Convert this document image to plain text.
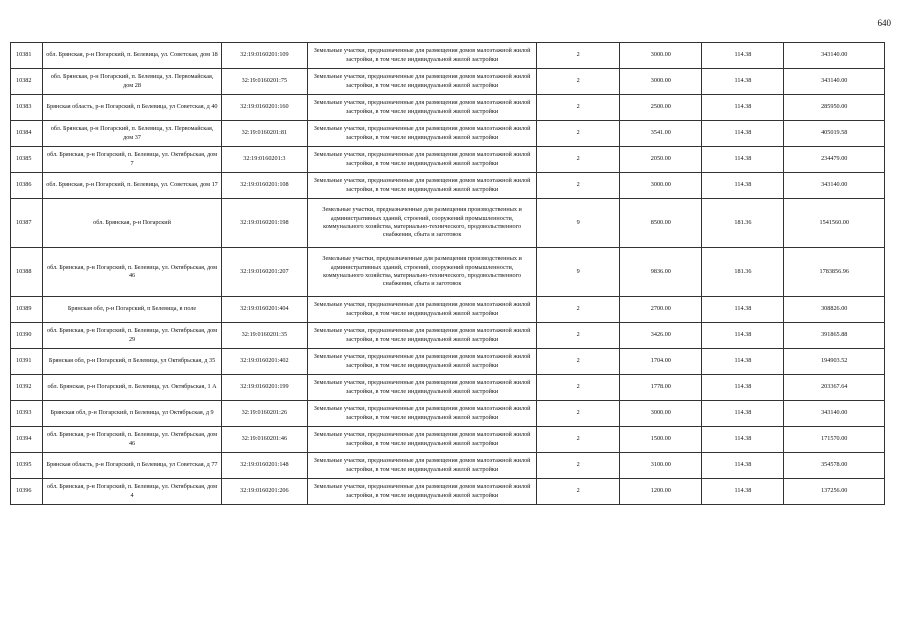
640
10381	обл. Брянская, р-н Погарский, п. Белевица, ул. Советская, дом 18	32:19:0160201:109	Земельные участки, предназначенные для размещения домов малоэтажной жилой застройки, в том числе индивидуальной жилой застройки	2	3000.00	114.38	343140.00
10382	обл. Брянская, р-н Погарский, п. Белевица, ул. Первомайская, дом 28	32:19:0160201:75	Земельные участки, предназначенные для размещения домов малоэтажной жилой застройки, в том числе индивидуальной жилой застройки	2	3000.00	114.38	343140.00
10383	Брянская область, р-н Погарский, п Белевица, ул Советская, д 40	32:19:0160201:160	Земельные участки, предназначенные для размещения домов малоэтажной жилой застройки, в том числе индивидуальной жилой застройки	2	2500.00	114.38	285950.00
10384	обл. Брянская, р-н Погарский, п. Белевица, ул. Первомайская, дом 37	32:19:0160201:81	Земельные участки, предназначенные для размещения домов малоэтажной жилой застройки, в том числе индивидуальной жилой застройки	2	3541.00	114.38	405019.58
10385	обл. Брянская, р-н Погарский, п. Белевица, ул. Октябрьская, дом 7	32:19:0160201:3	Земельные участки, предназначенные для размещения домов малоэтажной жилой застройки, в том числе индивидуальной жилой застройки	2	2050.00	114.38	234479.00
10386	обл. Брянская, р-н Погарский, п. Белевица, ул. Советская, дом 17	32:19:0160201:108	Земельные участки, предназначенные для размещения домов малоэтажной жилой застройки, в том числе индивидуальной жилой застройки	2	3000.00	114.38	343140.00
10387	обл. Брянская, р-н Погарский	32:19:0160201:198	Земельные участки, предназначенные для размещения производственных и административных зданий, строений, сооружений промышленности, коммунального хозяйства, материально-технического, продовольственного снабжения, сбыта и заготовок	9	8500.00	181.36	1541560.00
10388	обл. Брянская, р-н Погарский, п. Белевица, ул. Октябрьская, дом 46	32:19:0160201:207	Земельные участки, предназначенные для размещения производственных и административных зданий, строений, сооружений промышленности, коммунального хозяйства, материально-технического, продовольственного снабжения, сбыта и заготовок	9	9836.00	181.36	1783856.96
10389	Брянская обл, р-н Погарский, п Белевица, в поле	32:19:0160201:404	Земельные участки, предназначенные для размещения домов малоэтажной жилой застройки, в том числе индивидуальной жилой застройки	2	2700.00	114.38	308826.00
10390	обл. Брянская, р-н Погарский, п. Белевица, ул. Октябрьская, дом 29	32:19:0160201:35	Земельные участки, предназначенные для размещения домов малоэтажной жилой застройки, в том числе индивидуальной жилой застройки	2	3426.00	114.38	391865.88
10391	Брянская обл, р-н Погарский, п Белевица, ул Октябрьская, д 35	32:19:0160201:402	Земельные участки, предназначенные для размещения домов малоэтажной жилой застройки, в том числе индивидуальной жилой застройки	2	1704.00	114.38	194903.52
10392	обл. Брянская, р-н Погарский, п. Белевица, ул. Октябрьская, 1 А	32:19:0160201:199	Земельные участки, предназначенные для размещения домов малоэтажной жилой застройки, в том числе индивидуальной жилой застройки	2	1778.00	114.38	203367.64
10393	Брянская обл, р-н Погарский, п Белевица, ул Октябрьская, д 9	32:19:0160201:26	Земельные участки, предназначенные для размещения домов малоэтажной жилой застройки, в том числе индивидуальной жилой застройки	2	3000.00	114.38	343140.00
10394	обл. Брянская, р-н Погарский, п. Белевица, ул. Октябрьская, дом 46	32:19:0160201:46	Земельные участки, предназначенные для размещения домов малоэтажной жилой застройки, в том числе индивидуальной жилой застройки	2	1500.00	114.38	171570.00
10395	Брянская область, р-н Погарский, п Белевица, ул Советская, д 77	32:19:0160201:148	Земельные участки, предназначенные для размещения домов малоэтажной жилой застройки, в том числе индивидуальной жилой застройки	2	3100.00	114.38	354578.00
10396	обл. Брянская, р-н Погарский, п. Белевица, ул. Октябрьская, дом 4	32:19:0160201:206	Земельные участки, предназначенные для размещения домов малоэтажной жилой застройки, в том числе индивидуальной жилой застройки	2	1200.00	114.38	137256.00
